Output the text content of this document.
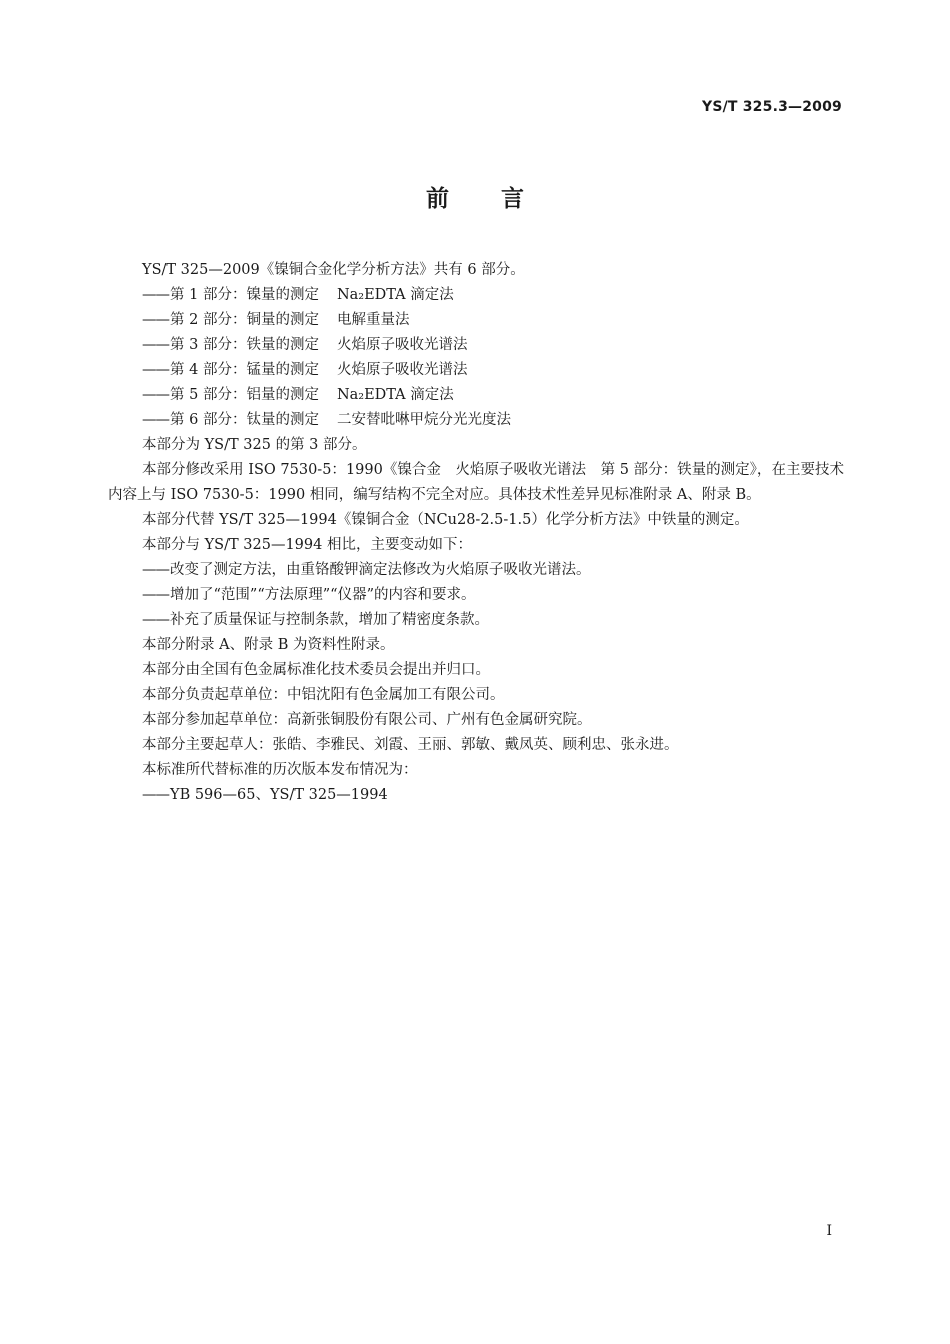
YS/T 325.3—2009
前言
YS/T 325—2009《镍铜合金化学分析方法》共有 6 部分。
——第 1 部分：镍量的测定 Na₂EDTA 滴定法
——第 2 部分：铜量的测定 电解重量法
——第 3 部分：铁量的测定 火焰原子吸收光谱法
——第 4 部分：锰量的测定 火焰原子吸收光谱法
——第 5 部分：铝量的测定 Na₂EDTA 滴定法
——第 6 部分：钛量的测定 二安替吡啉甲烷分光光度法
本部分为 YS/T 325 的第 3 部分。
本部分修改采用 ISO 7530-5：1990《镍合金　火焰原子吸收光谱法　第 5 部分：铁量的测定》，在主要技术内容上与 ISO 7530-5：1990 相同，编写结构不完全对应。具体技术性差异见标准附录 A、附录 B。
本部分代替 YS/T 325—1994《镍铜合金（NCu28-2.5-1.5）化学分析方法》中铁量的测定。
本部分与 YS/T 325—1994 相比，主要变动如下：
——改变了测定方法，由重铬酸钾滴定法修改为火焰原子吸收光谱法。
——增加了“范围”“方法原理”“仪器”的内容和要求。
——补充了质量保证与控制条款，增加了精密度条款。
本部分附录 A、附录 B 为资料性附录。
本部分由全国有色金属标准化技术委员会提出并归口。
本部分负责起草单位：中铝沈阳有色金属加工有限公司。
本部分参加起草单位：高新张铜股份有限公司、广州有色金属研究院。
本部分主要起草人：张皓、李雅民、刘霞、王丽、郭敏、戴凤英、顾利忠、张永进。
本标准所代替标准的历次版本发布情况为：
——YB 596—65、YS/T 325—1994
I
